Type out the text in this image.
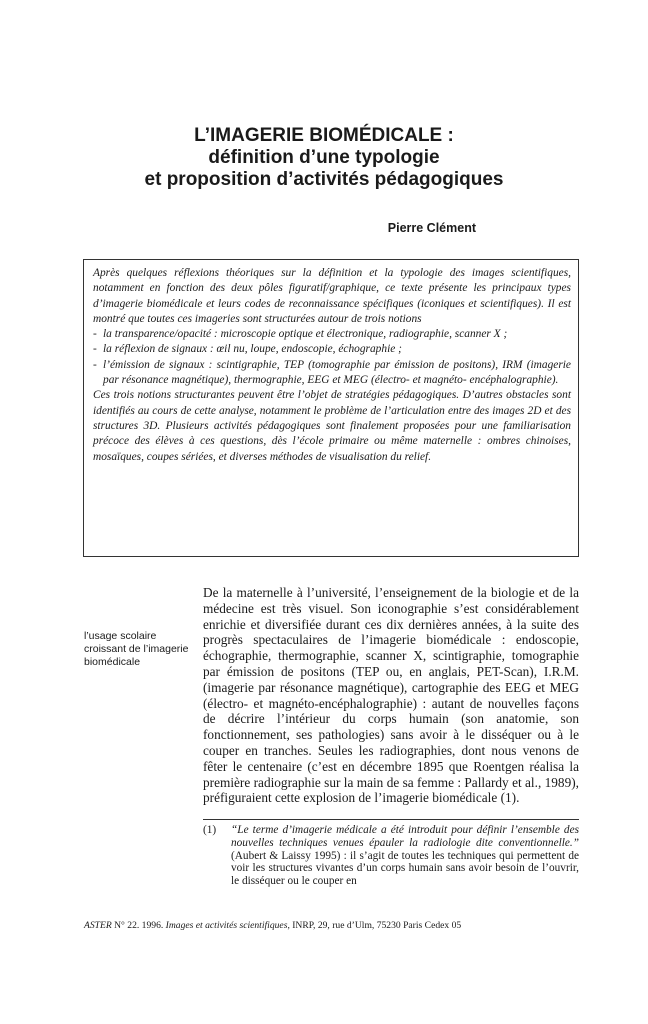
L’IMAGERIE BIOMÉDICALE :
définition d’une typologie
et proposition d’activités pédagogiques

Pierre Clément

Après quelques réflexions théoriques sur la définition et la typologie des images scientifiques, notamment en fonction des deux pôles figuratif/graphique, ce texte présente les principaux types d’imagerie biomédicale et leurs codes de reconnaissance spécifiques (iconiques et scientifiques). Il est montré que toutes ces imageries sont structurées autour de trois notions

- la transparence/opacité : microscopie optique et électronique, radiographie, scanner X ;
- la réflexion de signaux : œil nu, loupe, endoscopie, échographie ;
- l’émission de signaux : scintigraphie, TEP (tomographie par émission de positons), IRM (imagerie par résonance magnétique), thermographie, EEG et MEG (électro- et magnéto- encéphalographie).

Ces trois notions structurantes peuvent être l’objet de stratégies pédagogiques. D’autres obstacles sont identifiés au cours de cette analyse, notamment le problème de l’articulation entre des images 2D et des structures 3D. Plusieurs activités pédagogiques sont finalement proposées pour une familiarisation précoce des élèves à ces questions, dès l’école primaire ou même maternelle : ombres chinoises, mosaïques, coupes sériées, et diverses méthodes de visualisation du relief.

l’usage scolaire croissant de l’imagerie biomédicale

De la maternelle à l’université, l’enseignement de la biologie et de la médecine est très visuel. Son iconographie s’est considérablement enrichie et diversifiée durant ces dix dernières années, à la suite des progrès spectaculaires de l’imagerie biomédicale : endoscopie, échographie, thermographie, scanner X, scintigraphie, tomographie par émission de positons (TEP ou, en anglais, PET-Scan), I.R.M. (imagerie par résonance magnétique), cartographie des EEG et MEG (électro- et magnéto-encéphalographie) : autant de nouvelles façons de décrire l’intérieur du corps humain (son anatomie, son fonctionnement, ses pathologies) sans avoir à le disséquer ou à le couper en tranches. Seules les radiographies, dont nous venons de fêter le centenaire (c’est en décembre 1895 que Roentgen réalisa la première radiographie sur la main de sa femme : Pallardy et al., 1989), préfiguraient cette explosion de l’imagerie biomédicale (1).

(1)	“Le terme d’imagerie médicale a été introduit pour définir l’ensemble des nouvelles techniques venues épauler la radiologie dite conventionnelle.” (Aubert & Laissy 1995) : il s’agit de toutes les techniques qui permettent de voir les structures vivantes d’un corps humain sans avoir besoin de l’ouvrir, le disséquer ou le couper en

ASTER N° 22. 1996. Images et activités scientifiques, INRP, 29, rue d’Ulm, 75230 Paris Cedex 05
